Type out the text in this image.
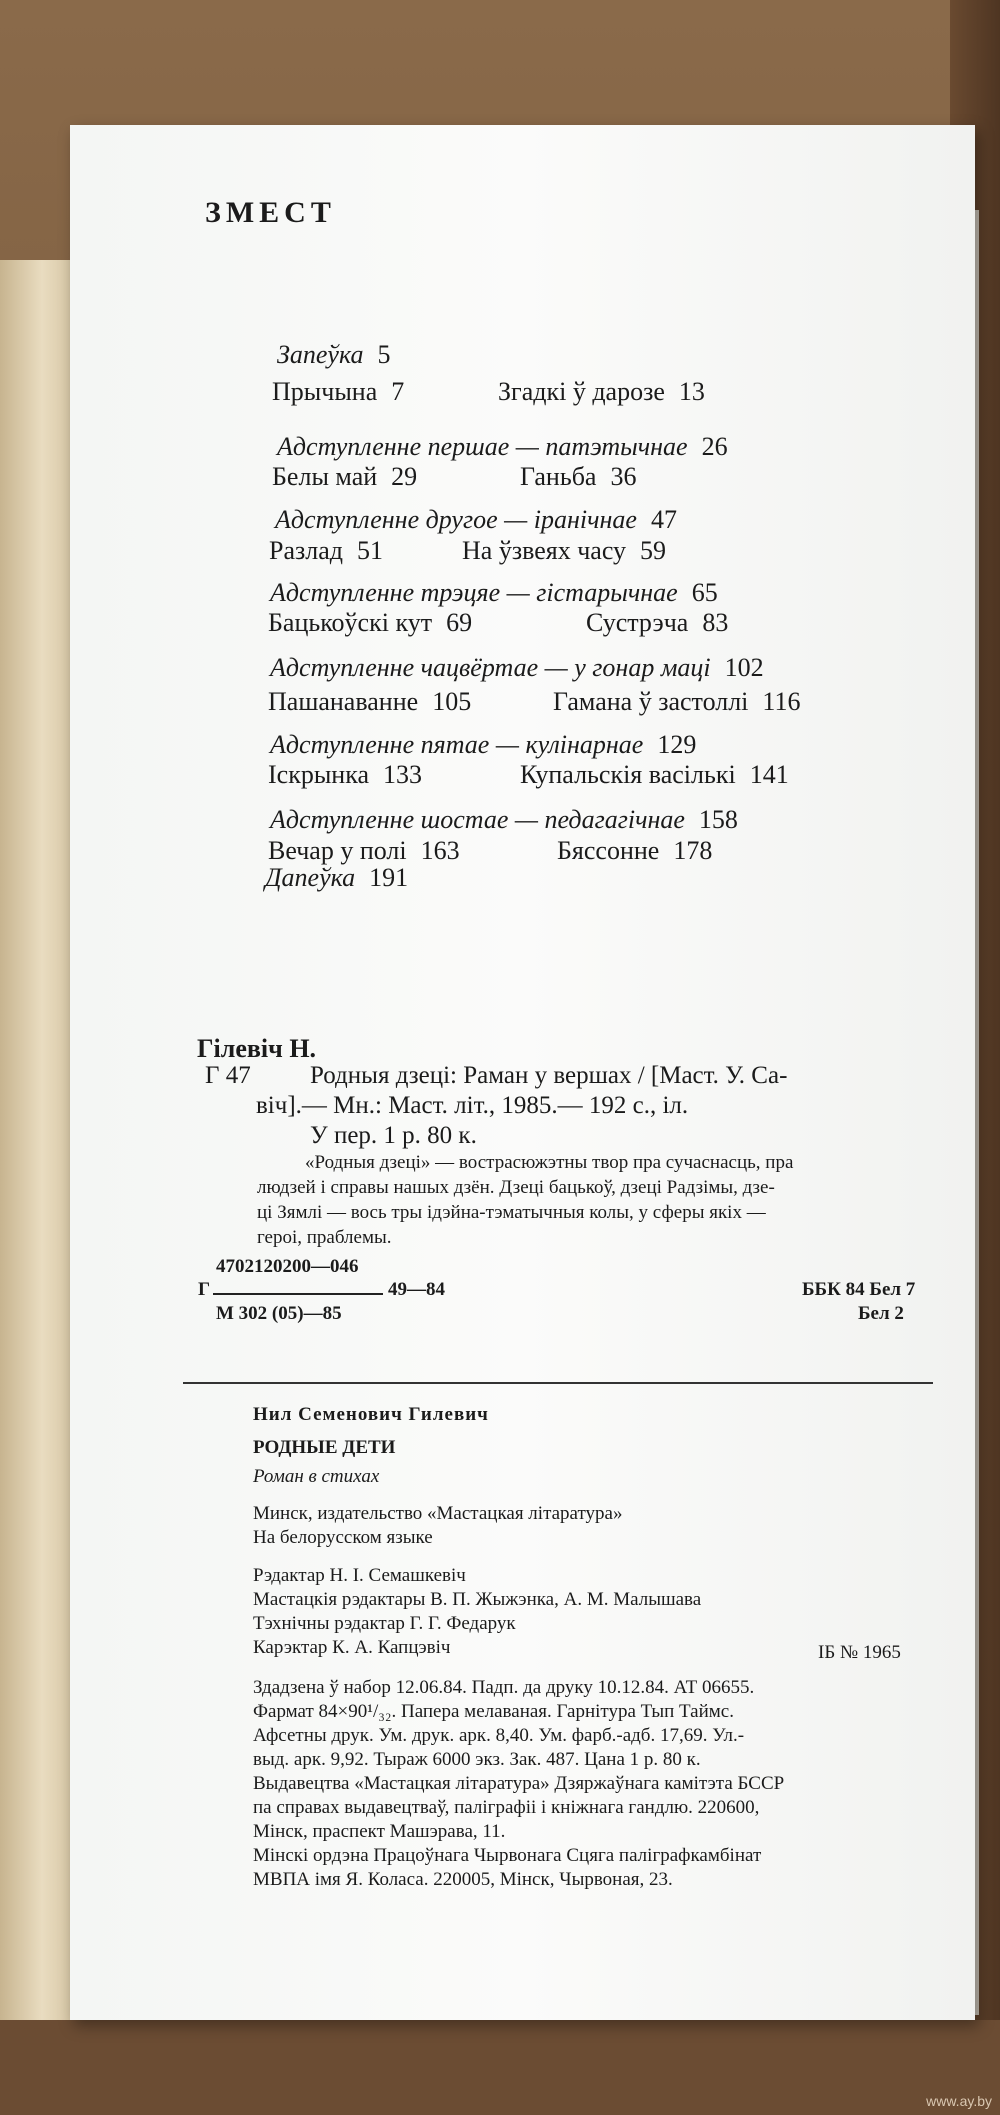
ЗМЕСТ
Запеўка 5
Прычына 7	Згадкі ў дарозе 13
Адступленне першае — патэтычнае 26
Белы май 29	Ганьба 36
Адступленне другое — іранічнае 47
Разлад 51	На ўзвеях часу 59
Адступленне трэцяе — гістарычнае 65
Бацькоўскі кут 69	Сустрэча 83
Адступленне чацвёртае — у гонар маці 102
Пашанаванне 105	Гамана ў застоллі 116
Адступленне пятае — кулінарнае 129
Іскрынка 133	Купальскія васількі 141
Адступленне шостае — педагагічнае 158
Вечар у полі 163	Бяссонне 178
Дапеўка 191
Гілевіч Н.
Г 47 Родныя дзеці: Раман у вершах / [Маст. У. Са-
віч].— Мн.: Маст. літ., 1985.— 192 с., іл.
У пер. 1 р. 80 к.
«Родныя дзеці» — вострасюжэтны твор пра сучаснасць, пра
людзей і справы нашых дзён. Дзеці бацькоў, дзеці Радзімы, дзе-
ці Зямлі — вось тры ідэйна-тэматычныя колы, у сферы якіх —
героі, праблемы.
4702120200—046
Г	49—84
М 302 (05)—85
ББК 84 Бел 7
Бел 2
Нил Семенович Гилевич
РОДНЫЕ ДЕТИ
Роман в стихах
Минск, издательство «Мастацкая літаратура»
На белорусском языке
Рэдактар Н. І. Семашкевіч
Мастацкія рэдактары В. П. Жыжэнка, А. М. Малышава
Тэхнічны рэдактар Г. Г. Федарук
Карэктар К. А. Капцэвіч	ІБ № 1965
Здадзена ў набор 12.06.84. Падп. да друку 10.12.84. АТ 06655.
Фармат 84×90¹/₃₂. Папера мелаваная. Гарнітура Тып Таймс.
Афсетны друк. Ум. друк. арк. 8,40. Ум. фарб.-адб. 17,69. Ул.-
выд. арк. 9,92. Тыраж 6000 экз. Зак. 487. Цана 1 р. 80 к.
Выдавецтва «Мастацкая літаратура» Дзяржаўнага камітэта БССР
па справах выдавецтваў, паліграфіі і кніжнага гандлю. 220600,
Мінск, праспект Машэрава, 11.
Мінскі ордэна Працоўнага Чырвонага Сцяга паліграфкамбінат
МВПА імя Я. Коласа. 220005, Мінск, Чырвоная, 23.
www.ay.by
